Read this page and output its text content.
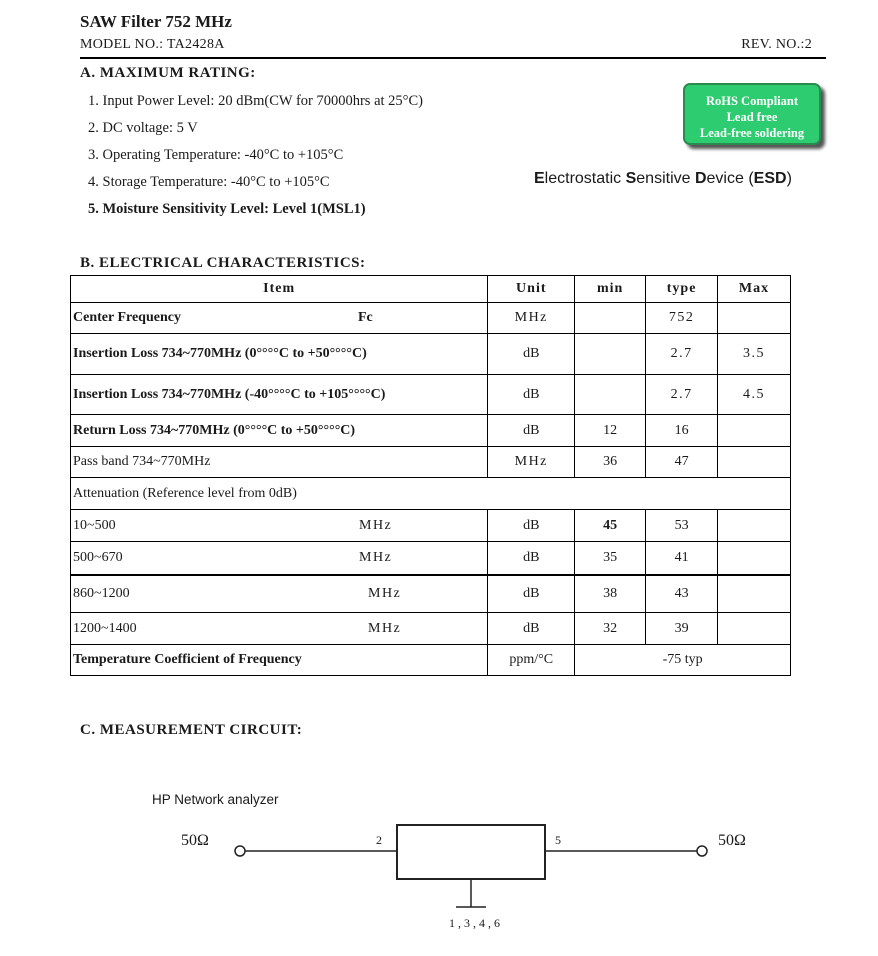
SAW Filter 752 MHz
MODEL NO.: TA2428A	REV. NO.:2
A. MAXIMUM RATING:
1. Input Power Level: 20 dBm(CW for 70000hrs at 25°C)
2. DC voltage: 5 V
3. Operating Temperature: -40°C to +105°C
4. Storage Temperature: -40°C to +105°C
5. Moisture Sensitivity Level: Level 1(MSL1)
RoHS Compliant
Lead free
Lead-free soldering
Electrostatic Sensitive Device (ESD)
B. ELECTRICAL CHARACTERISTICS:
Item	Unit	min	type	Max
Center Frequency Fc	MHz		752	
Insertion Loss 734~770MHz (0°°°°C to +50°°°°C)	dB		2.7	3.5
Insertion Loss 734~770MHz (-40°°°°C to +105°°°°C)	dB		2.7	4.5
Return Loss 734~770MHz (0°°°°C to +50°°°°C)	dB	12	16	
Pass band 734~770MHz	MHz	36	47	
Attenuation (Reference level from 0dB)				
10~500 MHz	dB	45	53	
500~670 MHz	dB	35	41	
860~1200 MHz	dB	38	43	
1200~1400 MHz	dB	32	39	
Temperature Coefficient of Frequency	ppm/°C	-75 typ		
C. MEASUREMENT CIRCUIT:
HP Network analyzer
50Ω	50Ω
2	5
1,3,4,6
